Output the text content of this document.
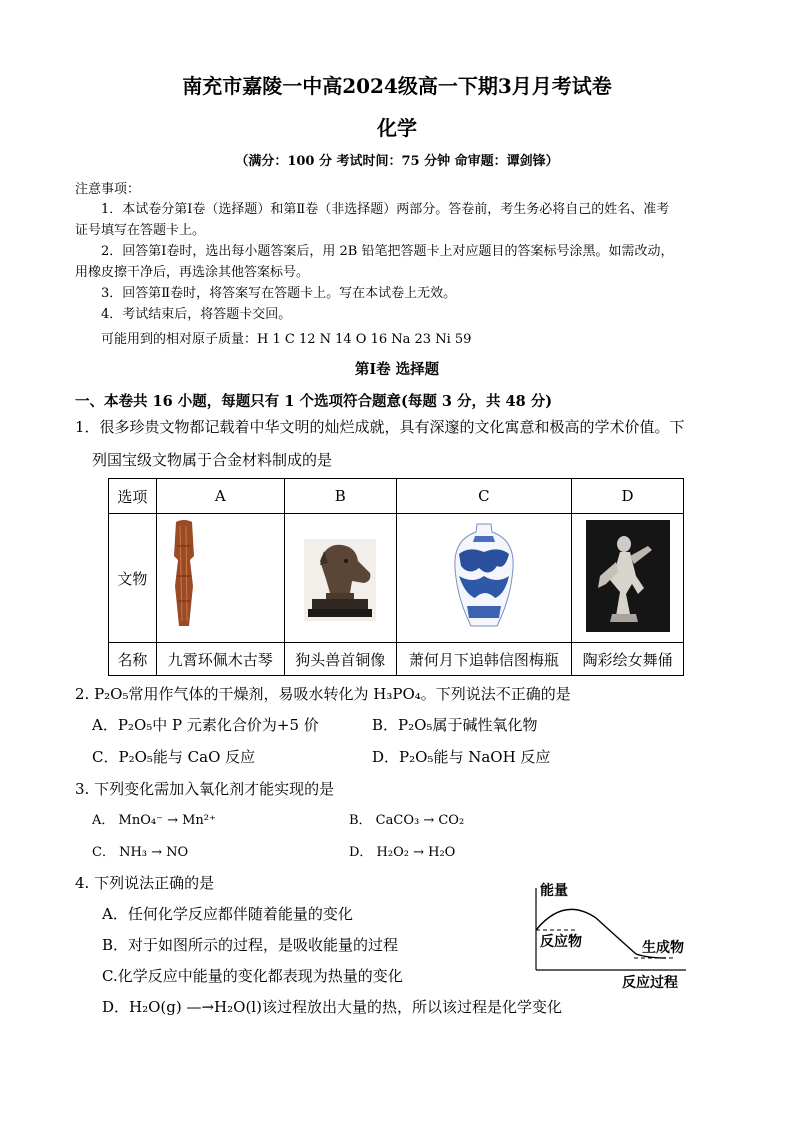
南充市嘉陵一中高2024级高一下期3月月考试卷
化学
（满分：100 分 考试时间：75 分钟 命审题：谭剑锋）
注意事项：
1．本试卷分第Ⅰ卷（选择题）和第Ⅱ卷（非选择题）两部分。答卷前，考生务必将自己的姓名、准考
证号填写在答题卡上。
2．回答第Ⅰ卷时，选出每小题答案后，用 2B 铅笔把答题卡上对应题目的答案标号涂黑。如需改动，
用橡皮擦干净后，再选涂其他答案标号。
3．回答第Ⅱ卷时，将答案写在答题卡上。写在本试卷上无效。
4．考试结束后，将答题卡交回。
可能用到的相对原子质量：H 1 C 12 N 14 O 16 Na 23 Ni 59
第Ⅰ卷 选择题
一、本卷共 16 小题，每题只有 1 个选项符合题意(每题 3 分，共 48 分)
1．很多珍贵文物都记载着中华文明的灿烂成就，具有深邃的文化寓意和极高的学术价值。下
列国宝级文物属于合金材料制成的是
选项	A	B	C	D
文物				
名称	九霄环佩木古琴	狗头兽首铜像	萧何月下追韩信图梅瓶	陶彩绘女舞俑
2. P₂O₅常用作气体的干燥剂，易吸水转化为 H₃PO₄。下列说法不正确的是
A．P₂O₅中 P 元素化合价为+5 价	B．P₂O₅属于碱性氧化物
C．P₂O₅能与 CaO 反应	D．P₂O₅能与 NaOH 反应
3. 下列变化需加入氧化剂才能实现的是
A． MnO₄⁻ → Mn²⁺	B． CaCO₃ → CO₂
C． NH₃ → NO	D． H₂O₂ → H₂O
4. 下列说法正确的是
A．任何化学反应都伴随着能量的变化
B．对于如图所示的过程，是吸收能量的过程
C.化学反应中能量的变化都表现为热量的变化
D．H₂O(g) —→H₂O(l)该过程放出大量的热，所以该过程是化学变化
能量
反应物	生成物
反应过程
